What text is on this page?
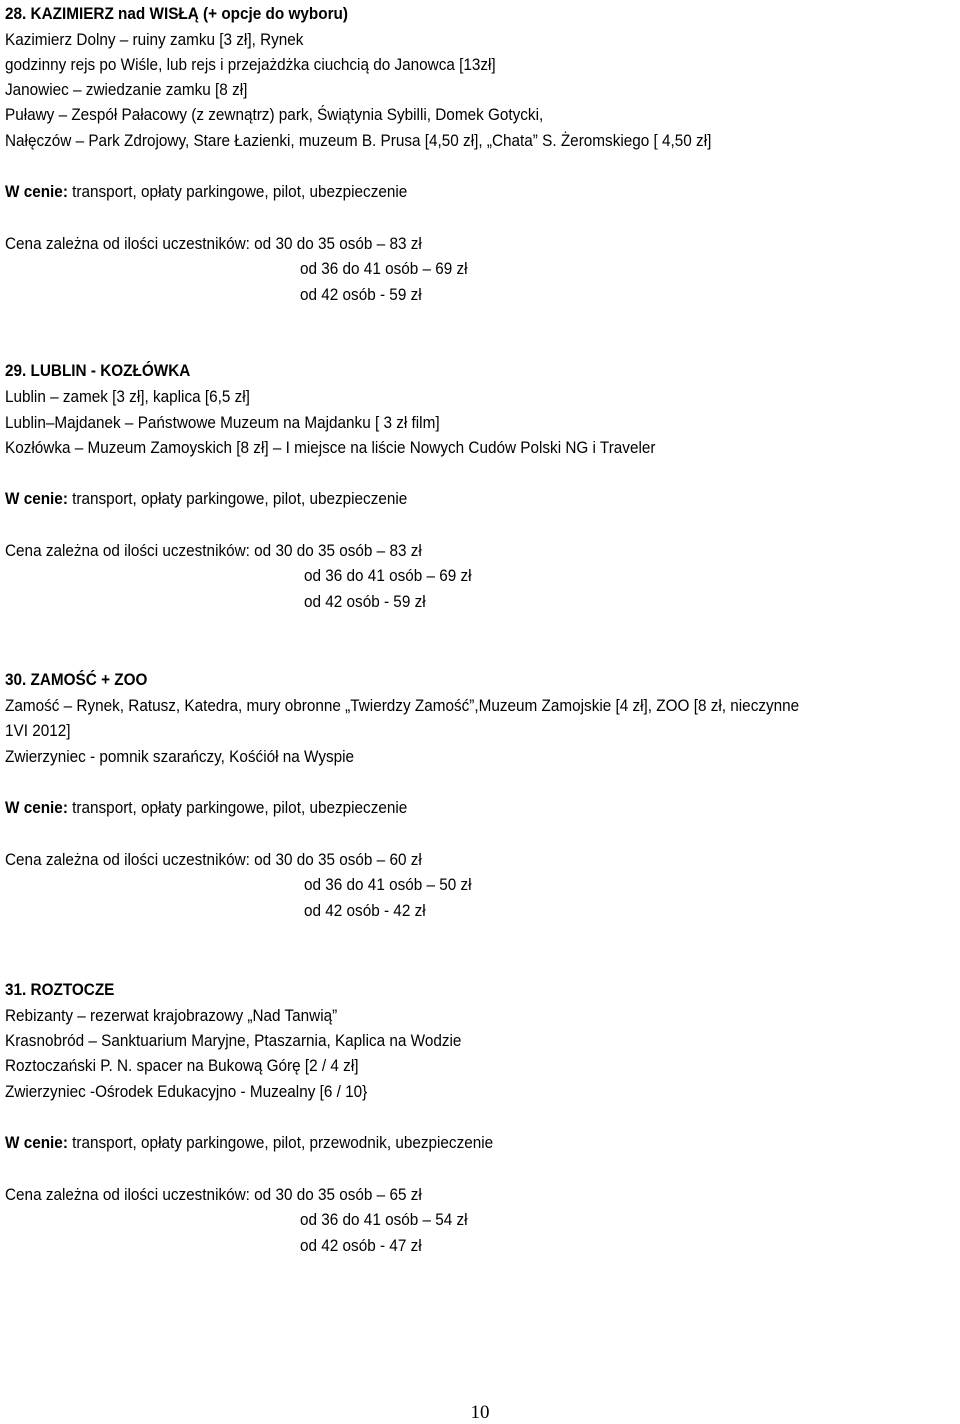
28. KAZIMIERZ nad WISŁĄ (+ opcje do wyboru)
Kazimierz Dolny – ruiny zamku [3 zł], Rynek
godzinny rejs po Wiśle, lub rejs i przejażdżka ciuchcią do Janowca [13zł]
Janowiec – zwiedzanie zamku [8 zł]
Puławy – Zespół Pałacowy (z zewnątrz) park, Świątynia Sybilli, Domek Gotycki,
Nałęczów – Park Zdrojowy, Stare Łazienki, muzeum B. Prusa [4,50 zł], „Chata” S. Żeromskiego [ 4,50 zł]
W cenie: transport, opłaty parkingowe, pilot, ubezpieczenie
Cena zależna od ilości uczestników: od 30 do 35 osób – 83 zł
od 36 do 41 osób – 69 zł
od 42 osób - 59 zł
29. LUBLIN - KOZŁÓWKA
Lublin – zamek [3 zł], kaplica [6,5 zł]
Lublin–Majdanek – Państwowe Muzeum na Majdanku [ 3 zł film]
Kozłówka – Muzeum Zamoyskich [8 zł] – I miejsce na liście Nowych Cudów Polski NG i Traveler
W cenie: transport, opłaty parkingowe, pilot, ubezpieczenie
Cena zależna od ilości uczestników: od 30 do 35 osób – 83 zł
od 36 do 41 osób – 69 zł
od 42 osób - 59 zł
30. ZAMOŚĆ + ZOO
Zamość – Rynek, Ratusz, Katedra, mury obronne „Twierdzy Zamość”,Muzeum Zamojskie [4 zł], ZOO [8 zł, nieczynne
1VI 2012]
Zwierzyniec - pomnik szarańczy, Kośćiół na Wyspie
W cenie: transport, opłaty parkingowe, pilot, ubezpieczenie
Cena zależna od ilości uczestników: od 30 do 35 osób – 60 zł
od 36 do 41 osób – 50 zł
od 42 osób - 42 zł
31. ROZTOCZE
Rebizanty – rezerwat krajobrazowy „Nad Tanwią”
Krasnobród – Sanktuarium Maryjne, Ptaszarnia, Kaplica na Wodzie
Roztoczański P. N. spacer na Bukową Górę [2 / 4 zł]
Zwierzyniec -Ośrodek Edukacyjno - Muzealny [6 / 10}
W cenie: transport, opłaty parkingowe, pilot, przewodnik, ubezpieczenie
Cena zależna od ilości uczestników: od 30 do 35 osób – 65 zł
od 36 do 41 osób – 54 zł
od 42 osób - 47 zł
10
